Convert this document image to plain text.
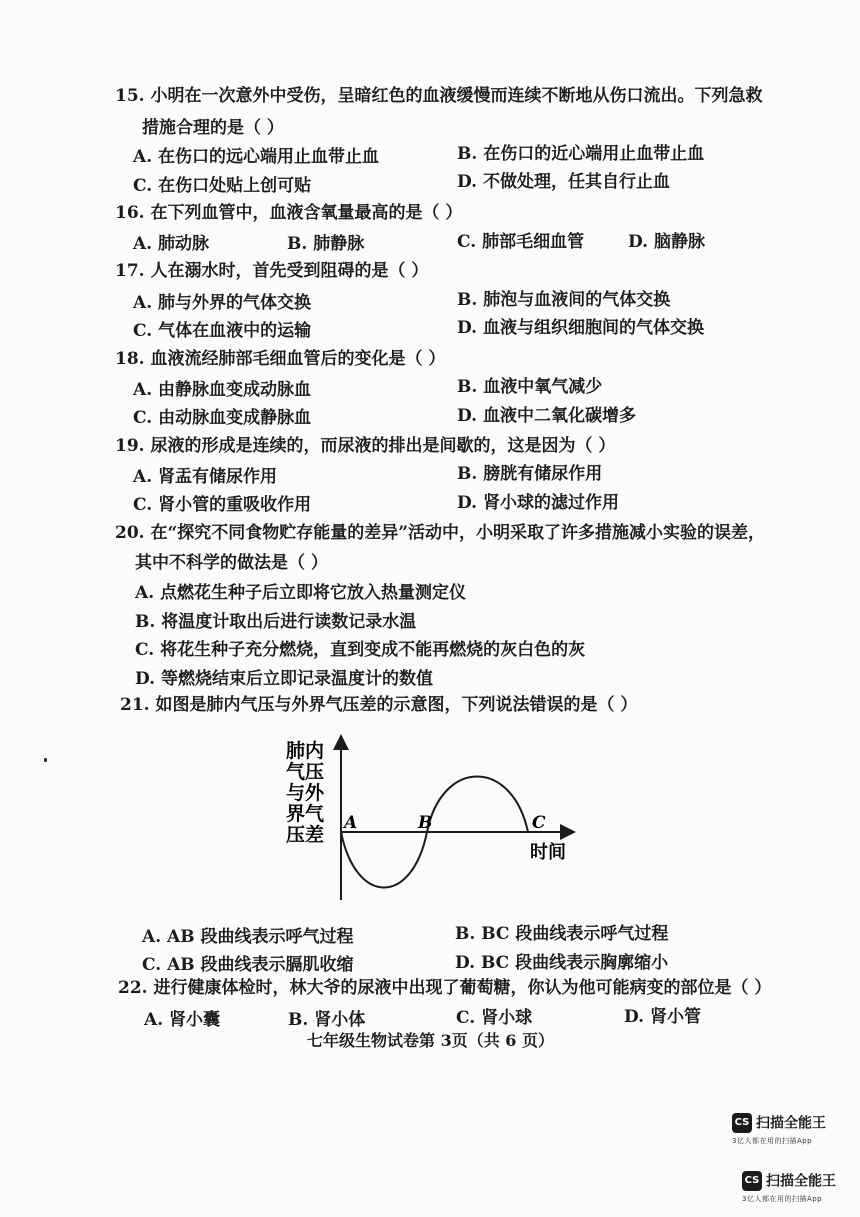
15. 小明在一次意外中受伤，呈暗红色的血液缓慢而连续不断地从伤口流出。下列急救
措施合理的是（ ）
A. 在伤口的远心端用止血带止血	B. 在伤口的近心端用止血带止血
C. 在伤口处贴上创可贴	D. 不做处理，任其自行止血
16. 在下列血管中，血液含氧量最高的是（ ）
A. 肺动脉	B. 肺静脉	C. 肺部毛细血管	D. 脑静脉
17. 人在溺水时，首先受到阻碍的是（ ）
A. 肺与外界的气体交换	B. 肺泡与血液间的气体交换
C. 气体在血液中的运输	D. 血液与组织细胞间的气体交换
18. 血液流经肺部毛细血管后的变化是（ ）
A. 由静脉血变成动脉血	B. 血液中氧气减少
C. 由动脉血变成静脉血	D. 血液中二氧化碳增多
19. 尿液的形成是连续的，而尿液的排出是间歇的，这是因为（ ）
A. 肾盂有储尿作用	B. 膀胱有储尿作用
C. 肾小管的重吸收作用	D. 肾小球的滤过作用
20. 在“探究不同食物贮存能量的差异”活动中，小明采取了许多措施减小实验的误差，
其中不科学的做法是（ ）
A. 点燃花生种子后立即将它放入热量测定仪
B. 将温度计取出后进行读数记录水温
C. 将花生种子充分燃烧，直到变成不能再燃烧的灰白色的灰
D. 等燃烧结束后立即记录温度计的数值
21. 如图是肺内气压与外界气压差的示意图，下列说法错误的是（ ）
肺内
气压
与外
界气
压差
A	B	C
时间
A. AB 段曲线表示呼气过程	B. BC 段曲线表示呼气过程
C. AB 段曲线表示膈肌收缩	D. BC 段曲线表示胸廓缩小
22. 进行健康体检时，林大爷的尿液中出现了葡萄糖，你认为他可能病变的部位是（ ）
A. 肾小囊	B. 肾小体	C. 肾小球	D. 肾小管
七年级生物试卷第 3页（共 6 页）
CS 扫描全能王
3亿人都在用的扫描App
CS 扫描全能王
3亿人都在用的扫描App
